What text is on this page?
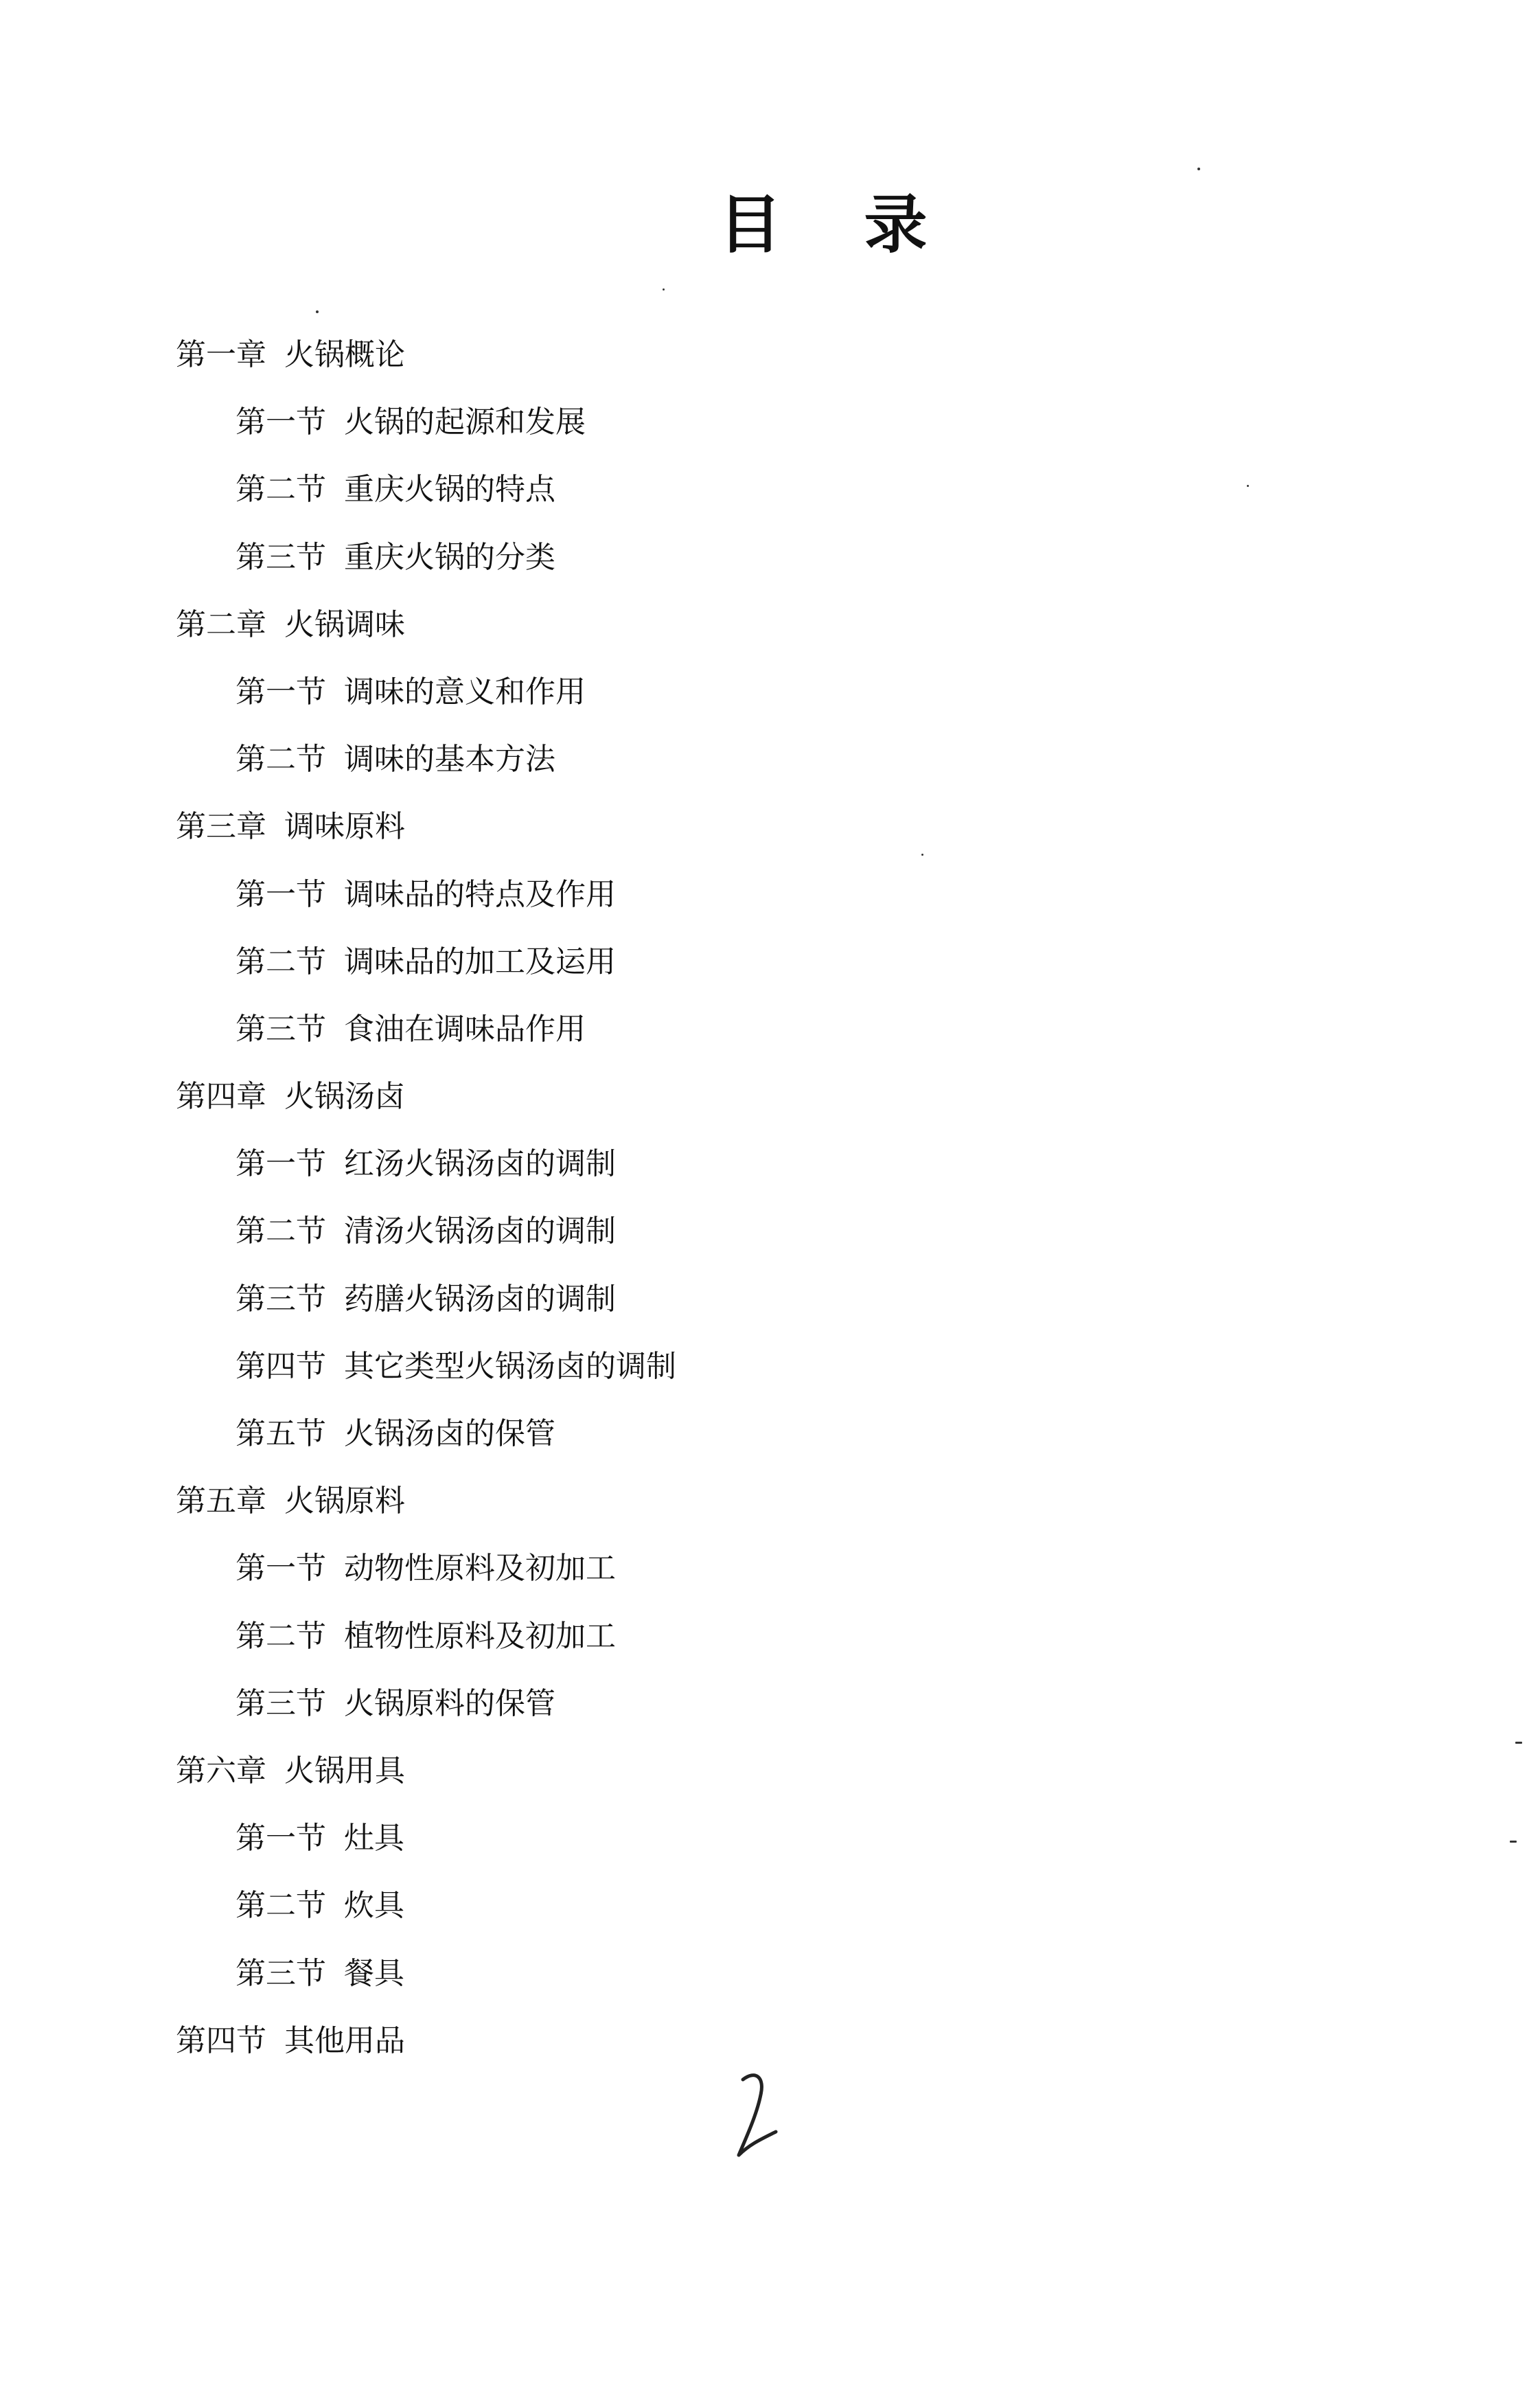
目 录
第一章 火锅概论
第一节 火锅的起源和发展
第二节 重庆火锅的特点
第三节 重庆火锅的分类
第二章 火锅调味
第一节 调味的意义和作用
第二节 调味的基本方法
第三章 调味原料
第一节 调味品的特点及作用
第二节 调味品的加工及运用
第三节 食油在调味品作用
第四章 火锅汤卤
第一节 红汤火锅汤卤的调制
第二节 清汤火锅汤卤的调制
第三节 药膳火锅汤卤的调制
第四节 其它类型火锅汤卤的调制
第五节 火锅汤卤的保管
第五章 火锅原料
第一节 动物性原料及初加工
第二节 植物性原料及初加工
第三节 火锅原料的保管
第六章 火锅用具
第一节 灶具
第二节 炊具
第三节 餐具
第四节 其他用品
